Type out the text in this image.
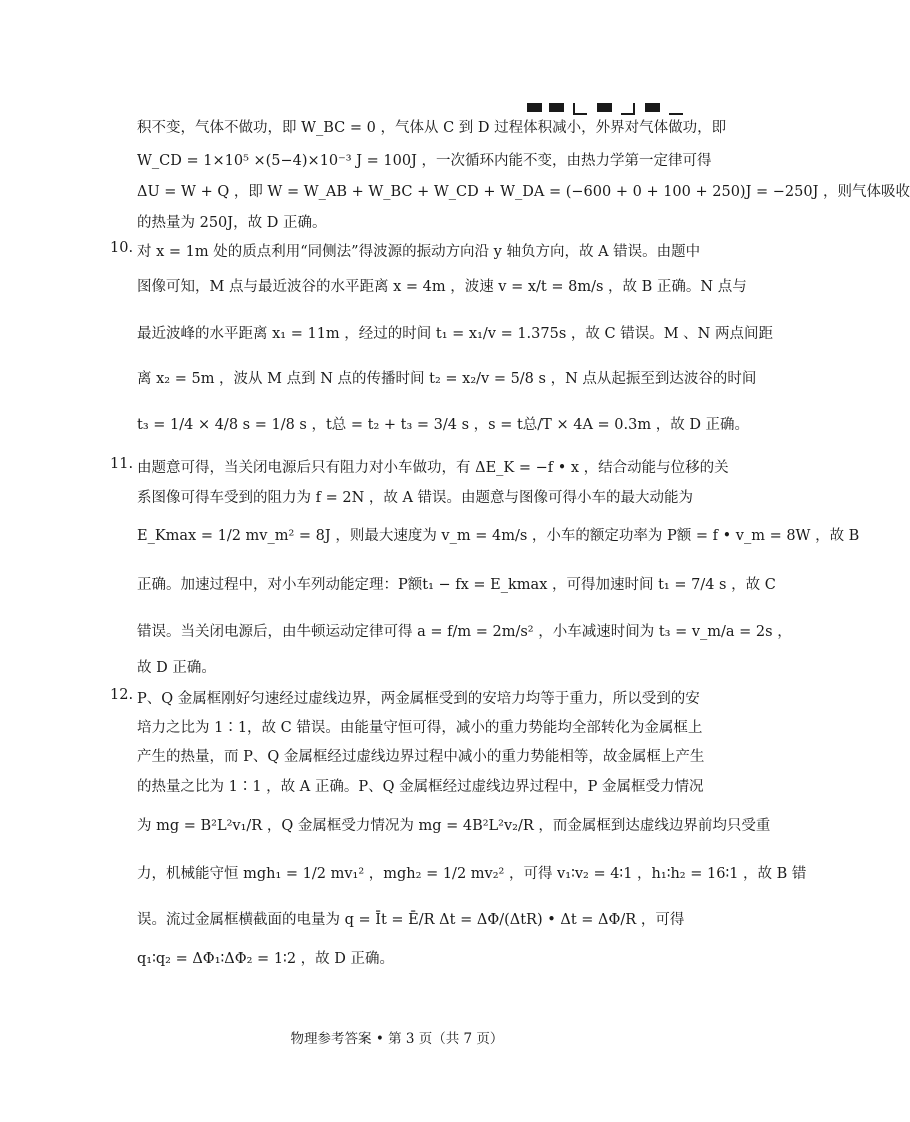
积不变，气体不做功，即 W_BC = 0 ，气体从 C 到 D 过程体积减小，外界对气体做功，即
W_CD = 1×10⁵ ×(5−4)×10⁻³ J = 100J ，一次循环内能不变，由热力学第一定律可得
ΔU = W + Q ，即 W = W_AB + W_BC + W_CD + W_DA = (−600 + 0 + 100 + 250)J = −250J ，则气体吸收
的热量为 250J，故 D 正确。
10. 对 x = 1m 处的质点利用“同侧法”得波源的振动方向沿 y 轴负方向，故 A 错误。由题中
图像可知，M 点与最近波谷的水平距离 x = 4m ，波速 v = x/t = 8m/s ，故 B 正确。N 点与
最近波峰的水平距离 x₁ = 11m ，经过的时间 t₁ = x₁/v = 1.375s ，故 C 错误。M 、N 两点间距
离 x₂ = 5m ，波从 M 点到 N 点的传播时间 t₂ = x₂/v = 5/8 s ，N 点从起振至到达波谷的时间
t₃ = 1/4 × 4/8 s = 1/8 s ，t总 = t₂ + t₃ = 3/4 s ，s = t总/T × 4A = 0.3m ，故 D 正确。
11. 由题意可得，当关闭电源后只有阻力对小车做功，有 ΔE_K = −f • x ，结合动能与位移的关
系图像可得车受到的阻力为 f = 2N ，故 A 错误。由题意与图像可得小车的最大动能为
E_Kmax = 1/2 mv_m² = 8J ，则最大速度为 v_m = 4m/s ，小车的额定功率为 P额 = f • v_m = 8W ，故 B
正确。加速过程中，对小车列动能定理：P额t₁ − fx = E_kmax ，可得加速时间 t₁ = 7/4 s ，故 C
错误。当关闭电源后，由牛顿运动定律可得 a = f/m = 2m/s² ，小车减速时间为 t₃ = v_m/a = 2s ，
故 D 正确。
12. P、Q 金属框刚好匀速经过虚线边界，两金属框受到的安培力均等于重力，所以受到的安
培力之比为 1∶1，故 C 错误。由能量守恒可得，减小的重力势能均全部转化为金属框上
产生的热量，而 P、Q 金属框经过虚线边界过程中减小的重力势能相等，故金属框上产生
的热量之比为 1∶1 ，故 A 正确。P、Q 金属框经过虚线边界过程中，P 金属框受力情况
为 mg = B²L²v₁/R ，Q 金属框受力情况为 mg = 4B²L²v₂/R ，而金属框到达虚线边界前均只受重
力，机械能守恒 mgh₁ = 1/2 mv₁² ，mgh₂ = 1/2 mv₂² ，可得 v₁∶v₂ = 4∶1 ，h₁∶h₂ = 16∶1 ，故 B 错
误。流过金属框横截面的电量为 q = Īt = Ē/R Δt = ΔΦ/(ΔtR) • Δt = ΔΦ/R ，可得
q₁∶q₂ = ΔΦ₁∶ΔΦ₂ = 1∶2 ，故 D 正确。
物理参考答案 • 第 3 页（共 7 页）
